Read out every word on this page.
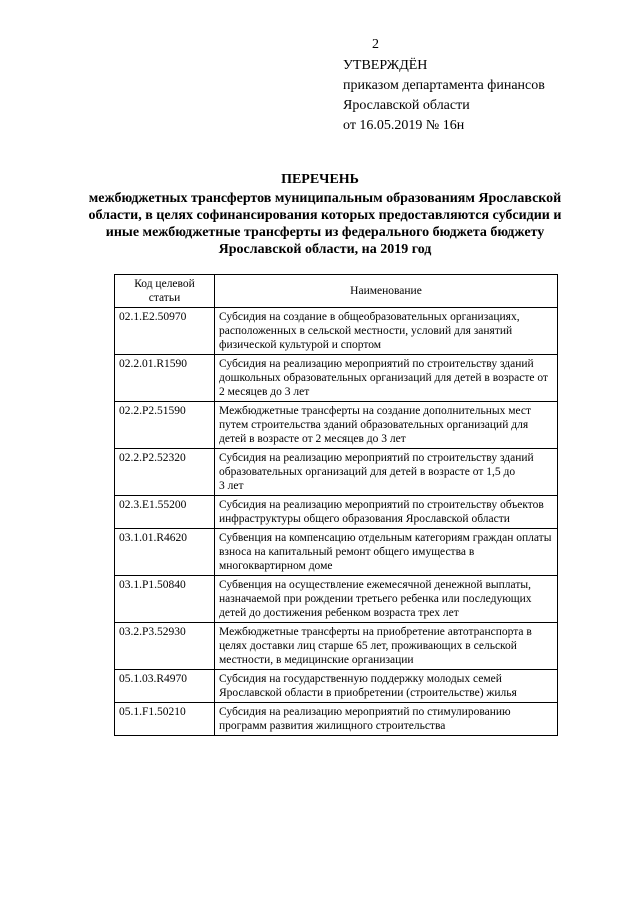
2
УТВЕРЖДЁН
приказом департамента финансов
Ярославской области
от 16.05.2019 № 16н
ПЕРЕЧЕНЬ
межбюджетных трансфертов муниципальным образованиям Ярославской области, в целях софинансирования которых предоставляются субсидии и иные межбюджетные трансферты из федерального бюджета бюджету Ярославской области, на 2019 год
Код целевой статьи	Наименование
02.1.E2.50970	Субсидия на создание в общеобразовательных организациях, расположенных в сельской местности, условий для занятий физической культурой и спортом
02.2.01.R1590	Субсидия на реализацию мероприятий по строительству зданий дошкольных образовательных организаций для детей в возрасте от 2 месяцев до 3 лет
02.2.P2.51590	Межбюджетные трансферты на создание дополнительных мест путем строительства зданий образовательных организаций для детей в возрасте от 2 месяцев до 3 лет
02.2.P2.52320	Субсидия на реализацию мероприятий по строительству зданий образовательных организаций для детей в возрасте от 1,5 до
3 лет
02.3.E1.55200	Субсидия на реализацию мероприятий по строительству объектов инфраструктуры общего образования Ярославской области
03.1.01.R4620	Субвенция на компенсацию отдельным категориям граждан оплаты взноса на капитальный ремонт общего имущества в многоквартирном доме
03.1.P1.50840	Субвенция на осуществление ежемесячной денежной выплаты, назначаемой при рождении третьего ребенка или последующих детей до достижения ребенком возраста трех лет
03.2.P3.52930	Межбюджетные трансферты на приобретение автотранспорта в целях доставки лиц старше 65 лет, проживающих в сельской местности, в медицинские организации
05.1.03.R4970	Субсидия на государственную поддержку молодых семей Ярославской области в приобретении (строительстве) жилья
05.1.F1.50210	Субсидия на реализацию мероприятий по стимулированию программ развития жилищного строительства
